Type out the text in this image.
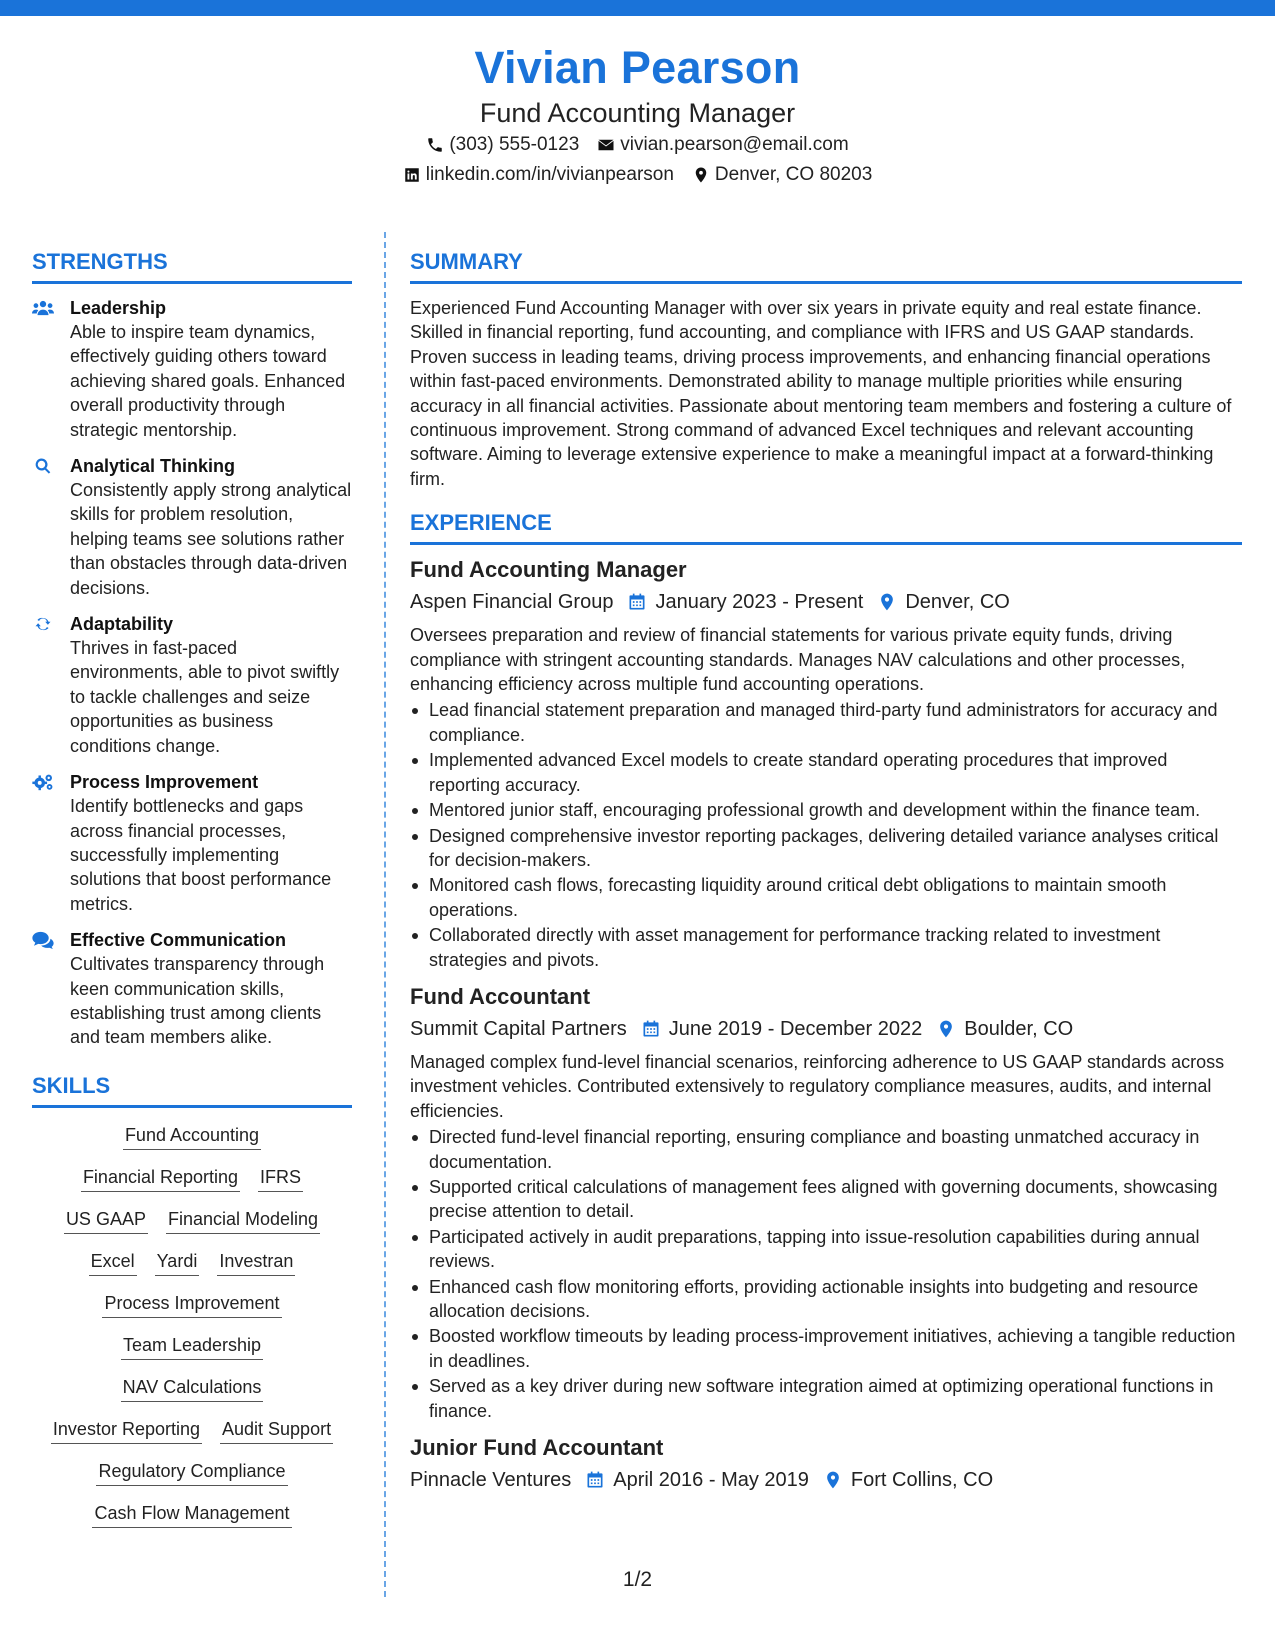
Vivian Pearson
Fund Accounting Manager
(303) 555-0123 vivian.pearson@email.com
linkedin.com/in/vivianpearson Denver, CO 80203
STRENGTHS
Leadership
Able to inspire team dynamics, effectively guiding others toward achieving shared goals. Enhanced overall productivity through strategic mentorship.
Analytical Thinking
Consistently apply strong analytical skills for problem resolution, helping teams see solutions rather than obstacles through data-driven decisions.
Adaptability
Thrives in fast-paced environments, able to pivot swiftly to tackle challenges and seize opportunities as business conditions change.
Process Improvement
Identify bottlenecks and gaps across financial processes, successfully implementing solutions that boost performance metrics.
Effective Communication
Cultivates transparency through keen communication skills, establishing trust among clients and team members alike.
SKILLS
Fund Accounting
Financial Reporting IFRS
US GAAP Financial Modeling
Excel Yardi Investran
Process Improvement
Team Leadership
NAV Calculations
Investor Reporting Audit Support
Regulatory Compliance
Cash Flow Management
SUMMARY
Experienced Fund Accounting Manager with over six years in private equity and real estate finance. Skilled in financial reporting, fund accounting, and compliance with IFRS and US GAAP standards. Proven success in leading teams, driving process improvements, and enhancing financial operations within fast-paced environments. Demonstrated ability to manage multiple priorities while ensuring accuracy in all financial activities. Passionate about mentoring team members and fostering a culture of continuous improvement. Strong command of advanced Excel techniques and relevant accounting software. Aiming to leverage extensive experience to make a meaningful impact at a forward-thinking firm.
EXPERIENCE
Fund Accounting Manager
Aspen Financial Group January 2023 - Present Denver, CO
Oversees preparation and review of financial statements for various private equity funds, driving compliance with stringent accounting standards. Manages NAV calculations and other processes, enhancing efficiency across multiple fund accounting operations.
Lead financial statement preparation and managed third-party fund administrators for accuracy and compliance.
Implemented advanced Excel models to create standard operating procedures that improved reporting accuracy.
Mentored junior staff, encouraging professional growth and development within the finance team.
Designed comprehensive investor reporting packages, delivering detailed variance analyses critical for decision-makers.
Monitored cash flows, forecasting liquidity around critical debt obligations to maintain smooth operations.
Collaborated directly with asset management for performance tracking related to investment strategies and pivots.
Fund Accountant
Summit Capital Partners June 2019 - December 2022 Boulder, CO
Managed complex fund-level financial scenarios, reinforcing adherence to US GAAP standards across investment vehicles. Contributed extensively to regulatory compliance measures, audits, and internal efficiencies.
Directed fund-level financial reporting, ensuring compliance and boasting unmatched accuracy in documentation.
Supported critical calculations of management fees aligned with governing documents, showcasing precise attention to detail.
Participated actively in audit preparations, tapping into issue-resolution capabilities during annual reviews.
Enhanced cash flow monitoring efforts, providing actionable insights into budgeting and resource allocation decisions.
Boosted workflow timeouts by leading process-improvement initiatives, achieving a tangible reduction in deadlines.
Served as a key driver during new software integration aimed at optimizing operational functions in finance.
Junior Fund Accountant
Pinnacle Ventures April 2016 - May 2019 Fort Collins, CO
1/2
